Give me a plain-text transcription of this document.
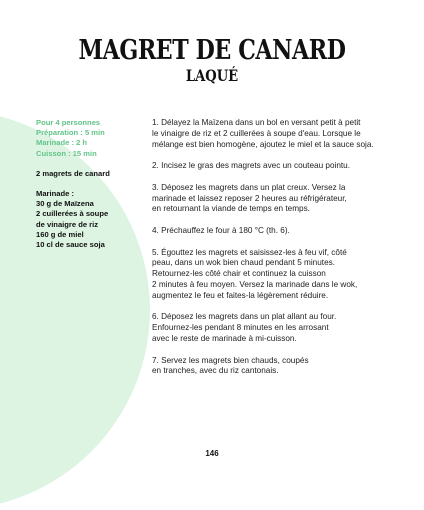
MAGRET DE CANARD
LAQUÉ
Pour 4 personnes
Préparation : 5 min
Marinade : 2 h
Cuisson : 15 min
2 magrets de canard
Marinade :
30 g de Maïzena
2 cuillerées à soupe
de vinaigre de riz
160 g de miel
10 cl de sauce soja

1. Délayez la Maïzena dans un bol en versant petit à petit
le vinaigre de riz et 2 cuillerées à soupe d'eau. Lorsque le
mélange est bien homogène, ajoutez le miel et la sauce soja.

2. Incisez le gras des magrets avec un couteau pointu.

3. Déposez les magrets dans un plat creux. Versez la
marinade et laissez reposer 2 heures au réfrigérateur,
en retournant la viande de temps en temps.

4. Préchauffez le four à 180 °C (th. 6).

5. Égouttez les magrets et saisissez-les à feu vif, côté
peau, dans un wok bien chaud pendant 5 minutes.
Retournez-les côté chair et continuez la cuisson
2 minutes à feu moyen. Versez la marinade dans le wok,
augmentez le feu et faites-la légèrement réduire.

6. Déposez les magrets dans un plat allant au four.
Enfournez-les pendant 8 minutes en les arrosant
avec le reste de marinade à mi-cuisson.

7. Servez les magrets bien chauds, coupés
en tranches, avec du riz cantonais.

146
